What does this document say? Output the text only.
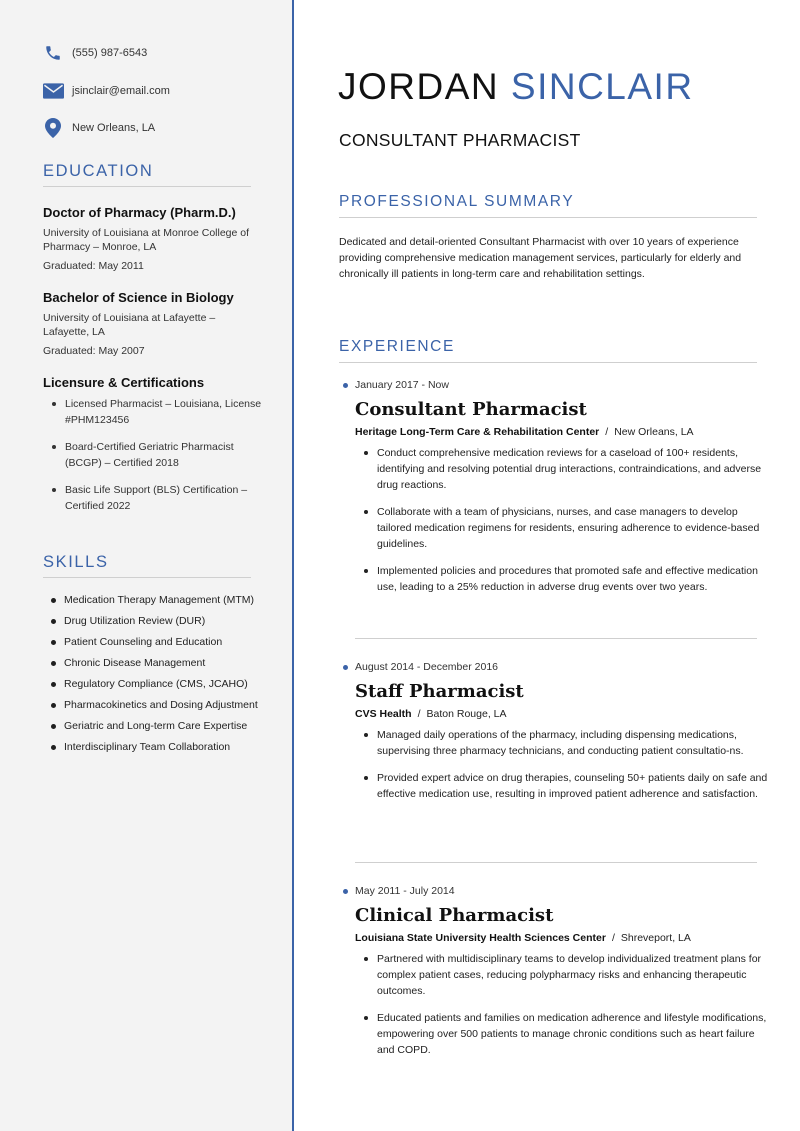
(555) 987-6543
jsinclair@email.com
New Orleans, LA
EDUCATION
Doctor of Pharmacy (Pharm.D.)
University of Louisiana at Monroe College of Pharmacy – Monroe, LA
Graduated: May 2011
Bachelor of Science in Biology
University of Louisiana at Lafayette – Lafayette, LA
Graduated: May 2007
Licensure & Certifications
Licensed Pharmacist – Louisiana, License #PHM123456
Board-Certified Geriatric Pharmacist (BCGP) – Certified 2018
Basic Life Support (BLS) Certification – Certified 2022
SKILLS
Medication Therapy Management (MTM)
Drug Utilization Review (DUR)
Patient Counseling and Education
Chronic Disease Management
Regulatory Compliance (CMS, JCAHO)
Pharmacokinetics and Dosing Adjustment
Geriatric and Long-term Care Expertise
Interdisciplinary Team Collaboration
JORDAN SINCLAIR
CONSULTANT PHARMACIST
PROFESSIONAL SUMMARY
Dedicated and detail-oriented Consultant Pharmacist with over 10 years of experience providing comprehensive medication management services, particularly for elderly and chronically ill patients in long-term care and rehabilitation settings.
EXPERIENCE
January 2017 - Now
Consultant Pharmacist
Heritage Long-Term Care & Rehabilitation Center / New Orleans, LA
Conduct comprehensive medication reviews for a caseload of 100+ residents, identifying and resolving potential drug interactions, contraindications, and adverse drug reactions.
Collaborate with a team of physicians, nurses, and case managers to develop tailored medication regimens for residents, ensuring adherence to evidence-based guidelines.
Implemented policies and procedures that promoted safe and effective medication use, leading to a 25% reduction in adverse drug events over two years.
August 2014 - December 2016
Staff Pharmacist
CVS Health / Baton Rouge, LA
Managed daily operations of the pharmacy, including dispensing medications, supervising three pharmacy technicians, and conducting patient consultatio-ns.
Provided expert advice on drug therapies, counseling 50+ patients daily on safe and effective medication use, resulting in improved patient adherence and satisfaction.
May 2011 - July 2014
Clinical Pharmacist
Louisiana State University Health Sciences Center / Shreveport, LA
Partnered with multidisciplinary teams to develop individualized treatment plans for complex patient cases, reducing polypharmacy risks and enhancing therapeutic outcomes.
Educated patients and families on medication adherence and lifestyle modifications, empowering over 500 patients to manage chronic conditions such as heart failure and COPD.
